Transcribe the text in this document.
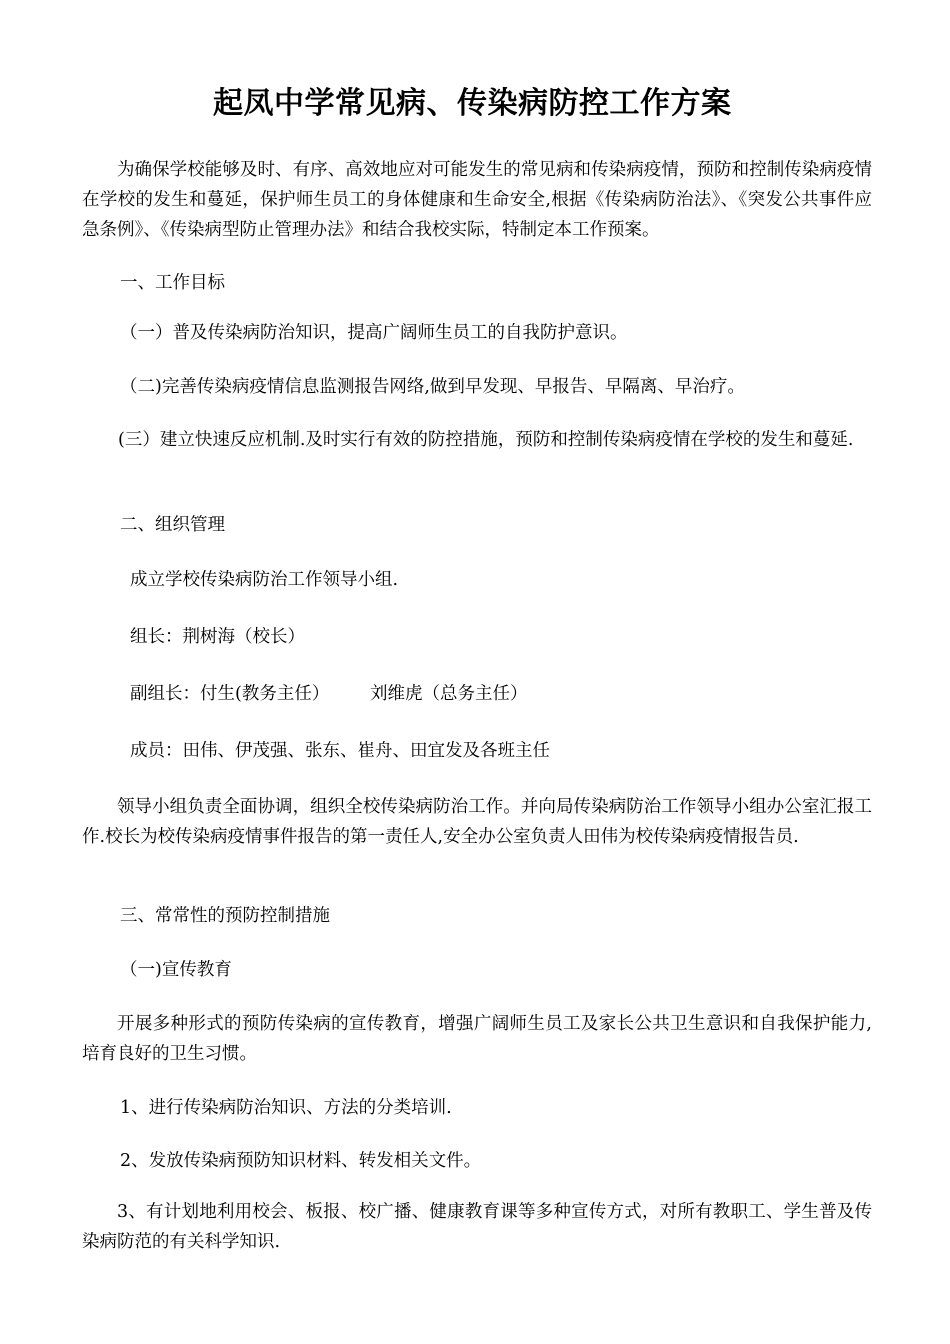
起凤中学常见病、传染病防控工作方案
为确保学校能够及时、有序、高效地应对可能发生的常见病和传染病疫情，预防和控制传染病疫情在学校的发生和蔓延，保护师生员工的身体健康和生命安全,根据《传染病防治法》、《突发公共事件应急条例》、《传染病型防止管理办法》和结合我校实际，特制定本工作预案。
一、工作目标
（一）普及传染病防治知识，提高广阔师生员工的自我防护意识。
（二)完善传染病疫情信息监测报告网络,做到早发现、早报告、早隔离、早治疗。
(三）建立快速反应机制.及时实行有效的防控措施，预防和控制传染病疫情在学校的发生和蔓延.
二、组织管理
成立学校传染病防治工作领导小组.
组长：荆树海（校长）
副组长：付生(教务主任） 刘维虎（总务主任）
成员：田伟、伊茂强、张东、崔舟、田宜发及各班主任
领导小组负责全面协调，组织全校传染病防治工作。并向局传染病防治工作领导小组办公室汇报工作.校长为校传染病疫情事件报告的第一责任人,安全办公室负责人田伟为校传染病疫情报告员.
三、常常性的预防控制措施
（一)宣传教育
开展多种形式的预防传染病的宣传教育，增强广阔师生员工及家长公共卫生意识和自我保护能力,培育良好的卫生习惯。
1、进行传染病防治知识、方法的分类培训.
2、发放传染病预防知识材料、转发相关文件。
3、有计划地利用校会、板报、校广播、健康教育课等多种宣传方式，对所有教职工、学生普及传染病防范的有关科学知识.
